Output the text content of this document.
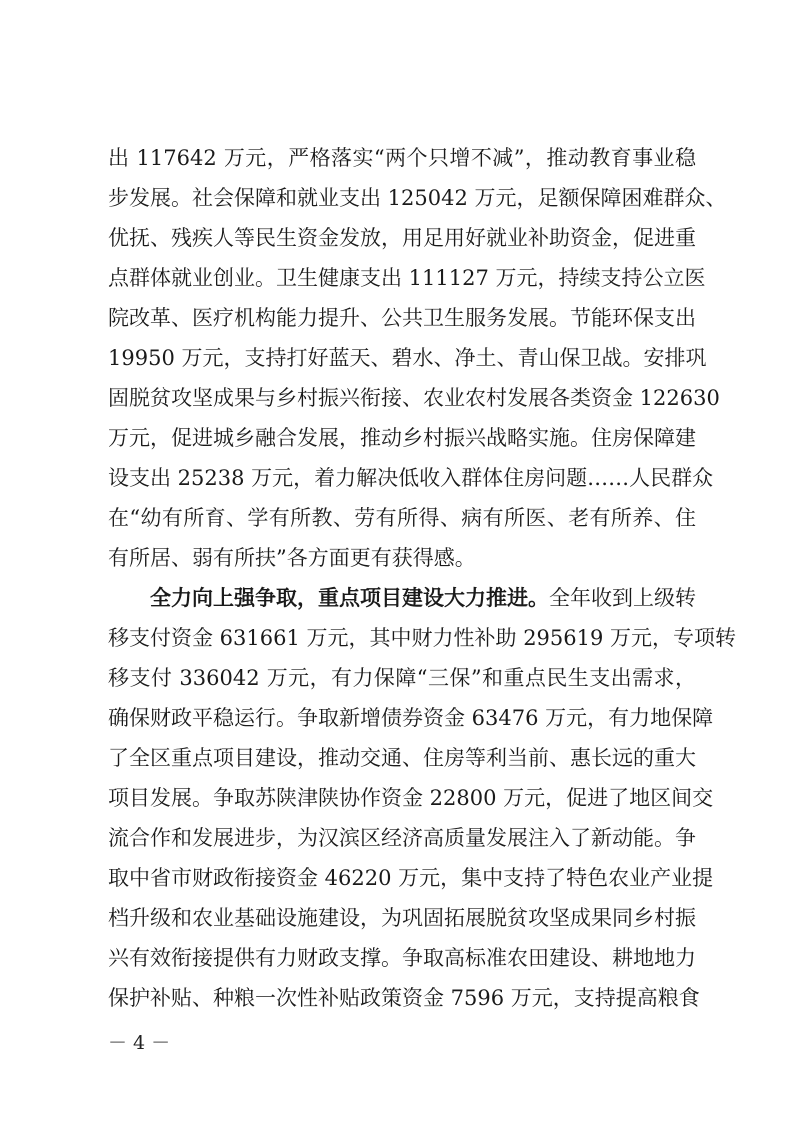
出 117642 万元，严格落实“两个只增不减”，推动教育事业稳
步发展。社会保障和就业支出 125042 万元，足额保障困难群众、
优抚、残疾人等民生资金发放，用足用好就业补助资金，促进重
点群体就业创业。卫生健康支出 111127 万元，持续支持公立医
院改革、医疗机构能力提升、公共卫生服务发展。节能环保支出
19950 万元，支持打好蓝天、碧水、净土、青山保卫战。安排巩
固脱贫攻坚成果与乡村振兴衔接、农业农村发展各类资金 122630
万元，促进城乡融合发展，推动乡村振兴战略实施。住房保障建
设支出 25238 万元，着力解决低收入群体住房问题……人民群众
在“幼有所育、学有所教、劳有所得、病有所医、老有所养、住
有所居、弱有所扶”各方面更有获得感。
全力向上强争取，重点项目建设大力推进。全年收到上级转
移支付资金 631661 万元，其中财力性补助 295619 万元，专项转
移支付 336042 万元，有力保障“三保”和重点民生支出需求，
确保财政平稳运行。争取新增债券资金 63476 万元，有力地保障
了全区重点项目建设，推动交通、住房等利当前、惠长远的重大
项目发展。争取苏陕津陕协作资金 22800 万元，促进了地区间交
流合作和发展进步，为汉滨区经济高质量发展注入了新动能。争
取中省市财政衔接资金 46220 万元，集中支持了特色农业产业提
档升级和农业基础设施建设，为巩固拓展脱贫攻坚成果同乡村振
兴有效衔接提供有力财政支撑。争取高标准农田建设、耕地地力
保护补贴、种粮一次性补贴政策资金 7596 万元，支持提高粮食
－ 4 －
